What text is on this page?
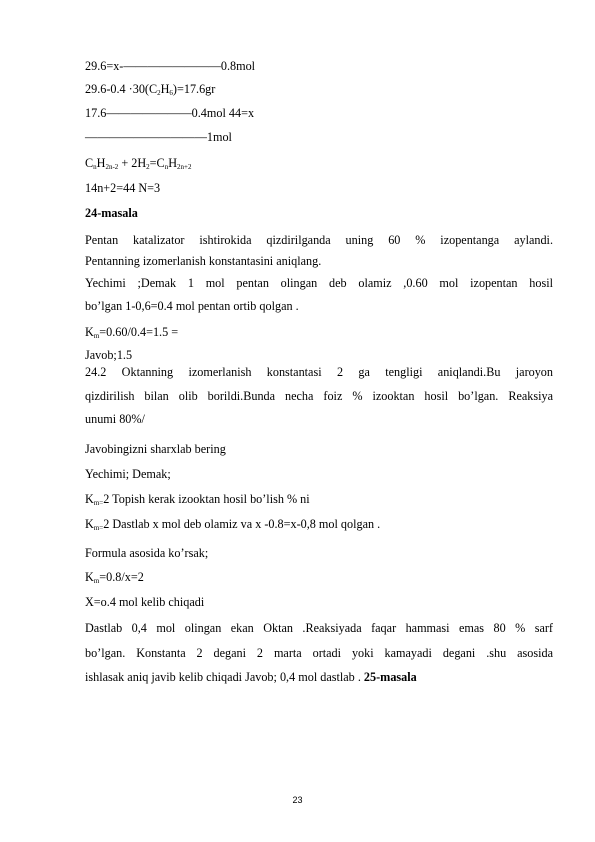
29.6=x-————————0.8mol
$29.6-0.4 \cdot 30(C_2H_6)=17.6gr$
17.6———————0.4mol 44=x
——————————1mol
$C_nH_{2n-2} + 2H_2=C_nH_{2n+2}$
14n+2=44 N=3
24-masala
Pentan katalizator ishtirokida qizdirilganda uning 60 % izopentanga aylandi.
Pentanning izomerlanish konstantasini aniqlang.
Yechimi ;Demak 1 mol pentan olingan deb olamiz ,0.60 mol izopentan hosil
bo’lgan 1-0,6=0.4 mol pentan ortib qolgan .
$K_m=0.60/0.4=1.5$ =
Javob;1.5
24.2 Oktanning izomerlanish konstantasi 2 ga tengligi aniqlandi.Bu jaroyon
qizdirilish bilan olib borildi.Bunda necha foiz % izooktan hosil bo’lgan. Reaksiya
unumi 80%/
Javobingizni sharxlab bering
Yechimi; Demak;
$K_{m=}2$ Topish kerak izooktan hosil bo’lish % ni
$K_{m=}2$ Dastlab x mol deb olamiz va x -0.8=x-0,8 mol qolgan .
Formula asosida ko’rsak;
$K_m=0.8/x=2$
X=o.4 mol kelib chiqadi
Dastlab 0,4 mol olingan ekan Oktan .Reaksiyada faqar hammasi emas 80 % sarf
bo’lgan. Konstanta 2 degani 2 marta ortadi yoki kamayadi degani .shu asosida
ishlasak aniq javib kelib chiqadi Javob; 0,4 mol dastlab . 25-masala
23
